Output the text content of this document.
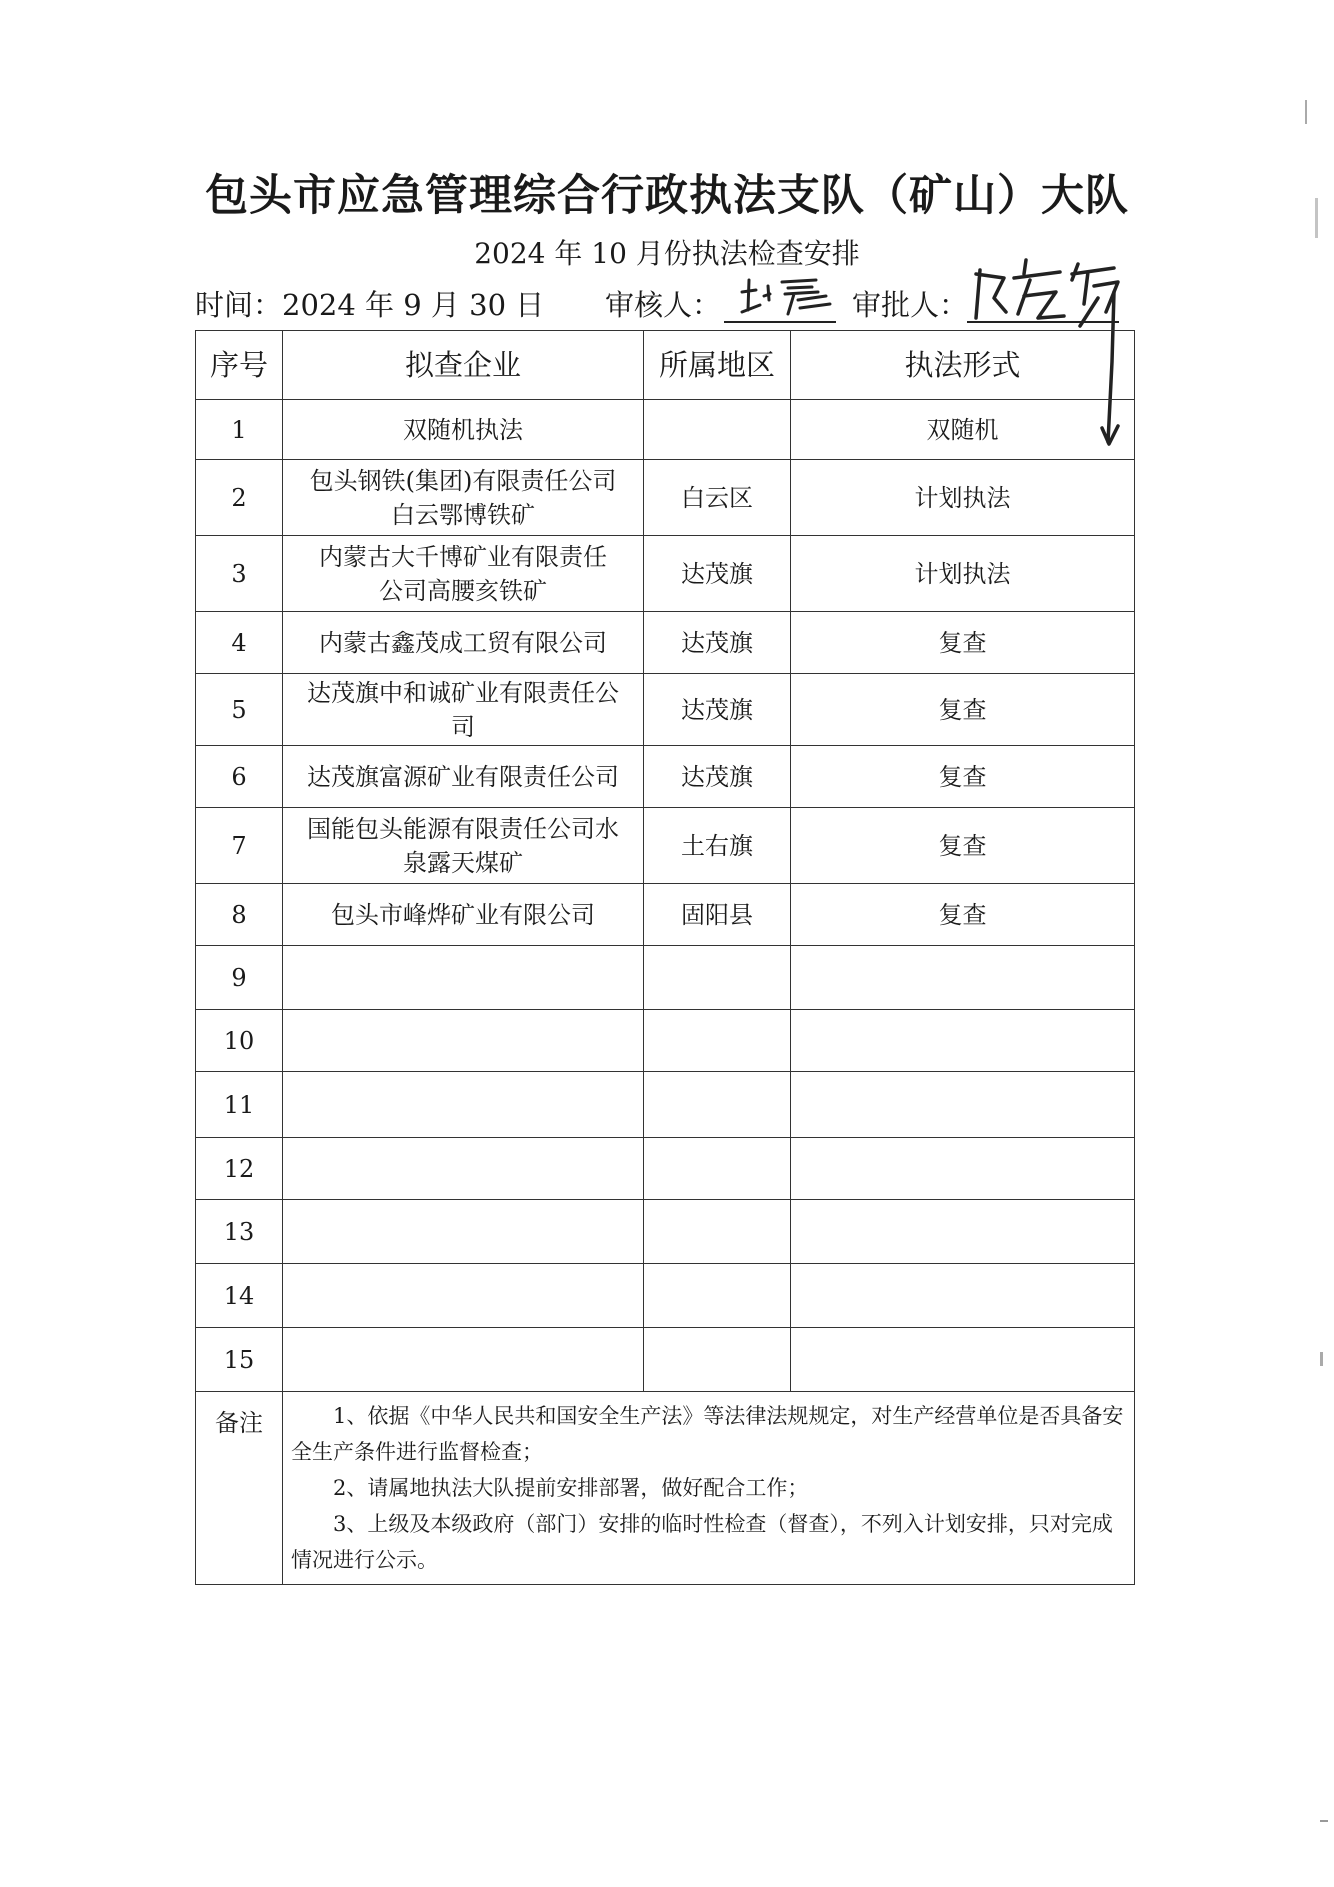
包头市应急管理综合行政执法支队（矿山）大队
2024 年 10 月份执法检查安排
时间：2024 年 9 月 30 日 审核人：	审批人：
序号	拟查企业	所属地区	执法形式
1	双随机执法		双随机
2	包头钢铁(集团)有限责任公司
白云鄂博铁矿	白云区	计划执法
3	内蒙古大千博矿业有限责任
公司高腰亥铁矿	达茂旗	计划执法
4	内蒙古鑫茂成工贸有限公司	达茂旗	复查
5	达茂旗中和诚矿业有限责任公
司	达茂旗	复查
6	达茂旗富源矿业有限责任公司	达茂旗	复查
7	国能包头能源有限责任公司水
泉露天煤矿	土右旗	复查
8	包头市峰烨矿业有限公司	固阳县	复查
9	

10	

11	

12	

13	

14	

15	

备注	1、依据《中华人民共和国安全生产法》等法律法规规定，对生产经营单位是否具备安全生产条件进行监督检查；

2、请属地执法大队提前安排部署，做好配合工作；

3、上级及本级政府（部门）安排的临时性检查（督查），不列入计划安排，只对完成情况进行公示。		
